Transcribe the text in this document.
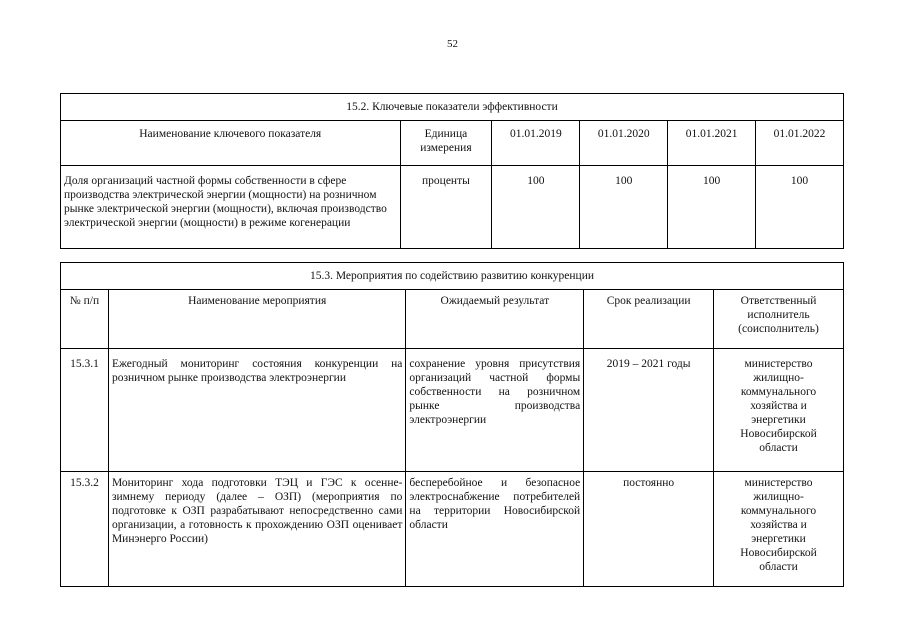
52
15.2. Ключевые показатели эффективности					
Наименование ключевого показателя	Единица измерения	01.01.2019	01.01.2020	01.01.2021	01.01.2022
Доля организаций частной формы собственности в сфере производства электрической энергии (мощности) на розничном рынке электрической энергии (мощности), включая производство электрической энергии (мощности) в режиме когенерации	проценты	100	100	100	100
15.3. Мероприятия по содействию развитию конкуренции				
№ п/п	Наименование мероприятия	Ожидаемый результат	Срок реализации	Ответственный исполнитель (соисполнитель)
15.3.1	Ежегодный мониторинг состояния конкуренции на розничном рынке производства электроэнергии	сохранение уровня присутствия организаций частной формы собственности на розничном рынке производства электроэнергии	2019 – 2021 годы	министерство жилищно-коммунального хозяйства и энергетики Новосибирской области
15.3.2	Мониторинг хода подготовки ТЭЦ и ГЭС к осенне-зимнему периоду (далее – ОЗП) (мероприятия по подготовке к ОЗП разрабатывают непосредственно сами организации, а готовность к прохождению ОЗП оценивает Минэнерго России)	бесперебойное и безопасное электроснабжение потребителей на территории Новосибирской области	постоянно	министерство жилищно-коммунального хозяйства и энергетики Новосибирской области
